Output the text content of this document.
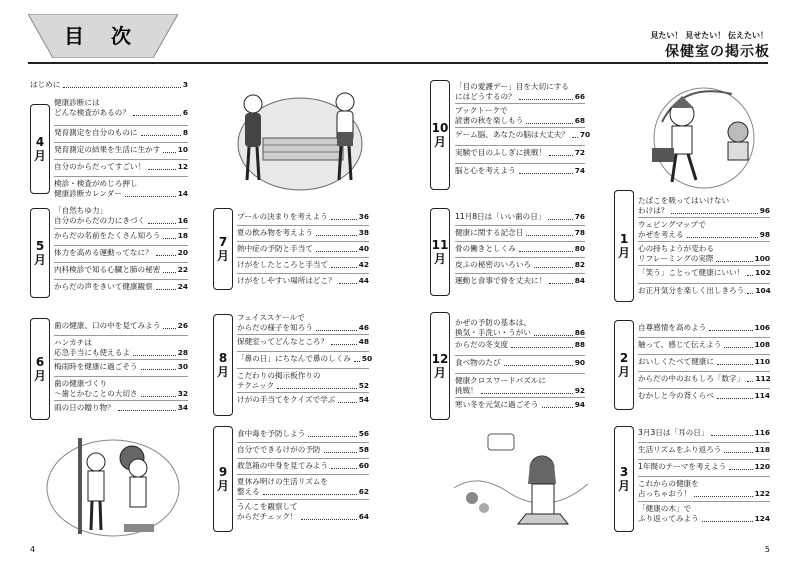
目 次	見たい！ 見せたい！ 伝えたい！
保健室の掲示板
はじめに	3
4
月
5
月
6
月
7
月
8
月
9
月
10
月
11
月
12
月
1
月
2
月
3
月
健康診断には
どんな検査があるの？	6
発育測定を自分のものに	8
発育測定の結果を生活に生かす 10
自分のからだってすごい！	12
検診・検査がめじろ押し
健康診断カレンダー	14
「自然ちゆ力」
自分のからだの力にきづく	16
からだの名前をたくさん知ろう 18
体力を高める運動ってなに？	20
内科検診で知る心臓と肺の秘密 22
からだの声をきいて健康観察	24
歯の健康、口の中を見てみよう 26
ハンカチは
応急手当にも使えるよ	28
梅雨時を健康に過ごそう	30
歯の健康づくり
～歯とかむことの大切さ	32
雨の日の贈り物？	34
プールの決まりを考えよう	36
夏の飲み物を考えよう	38
熱中症の予防と手当て	40
けがをしたところと手当て	42
けがをしやすい場所はどこ？	44
フェイススケールで
からだの様子を知ろう	46
保健室ってどんなところ？	48
「鼻の日」にちなんで鼻のしくみ 50
こだわりの掲示板作りの
テクニック	52
けがの手当てをクイズで学ぶ	54
食中毒を予防しよう	56
自分でできるけがの予防	58
救急箱の中身を見てみよう	60
夏休み明けの生活リズムを
整える	62
うんこを観察して
からだチェック！	64
「目の愛護デー」目を大切にする
にはどうするの？	66
ブックトークで
読書の秋を楽しもう	68
ゲーム脳、あなたの脳は大丈夫？ 70
実験で目のふしぎに挑戦！	72
脳と心を考えよう	74
11月8日は「いい歯の日」	76
健康に関する記念日	78
骨の働きとしくみ	80
皮ふの秘密のいろいろ	82
運動と食事で骨を丈夫に！	84
かぜの予防の基本は、
換気・手洗い・うがい	86
からだの冬支度	88
食べ物のたび	90
健康クロスワードパズルに
挑戦！	92
寒い冬を元気に過ごそう	94
たばこを吸ってはいけない
わけは？	96
ウェビングマップで
かぜを考える	98
心の持ちようが変わる
リフレーミングの実際	100
「笑う」ことって健康にいい！ 102
お正月気分を楽しく出しきろう 104
自尊感情を高めよう	106
触って、感じて伝えよう	108
おいしくたべて健康に	110
からだの中のおもしろ「数字」 112
むかしと今の背くらべ	114
3月3日は「耳の日」	116
生活リズムをふり返ろう	118
1年間のテーマを考えよう	120
これからの健康を
占っちゃおう！	122
「健康の木」で
ふり返ってみよう	124
4	5
